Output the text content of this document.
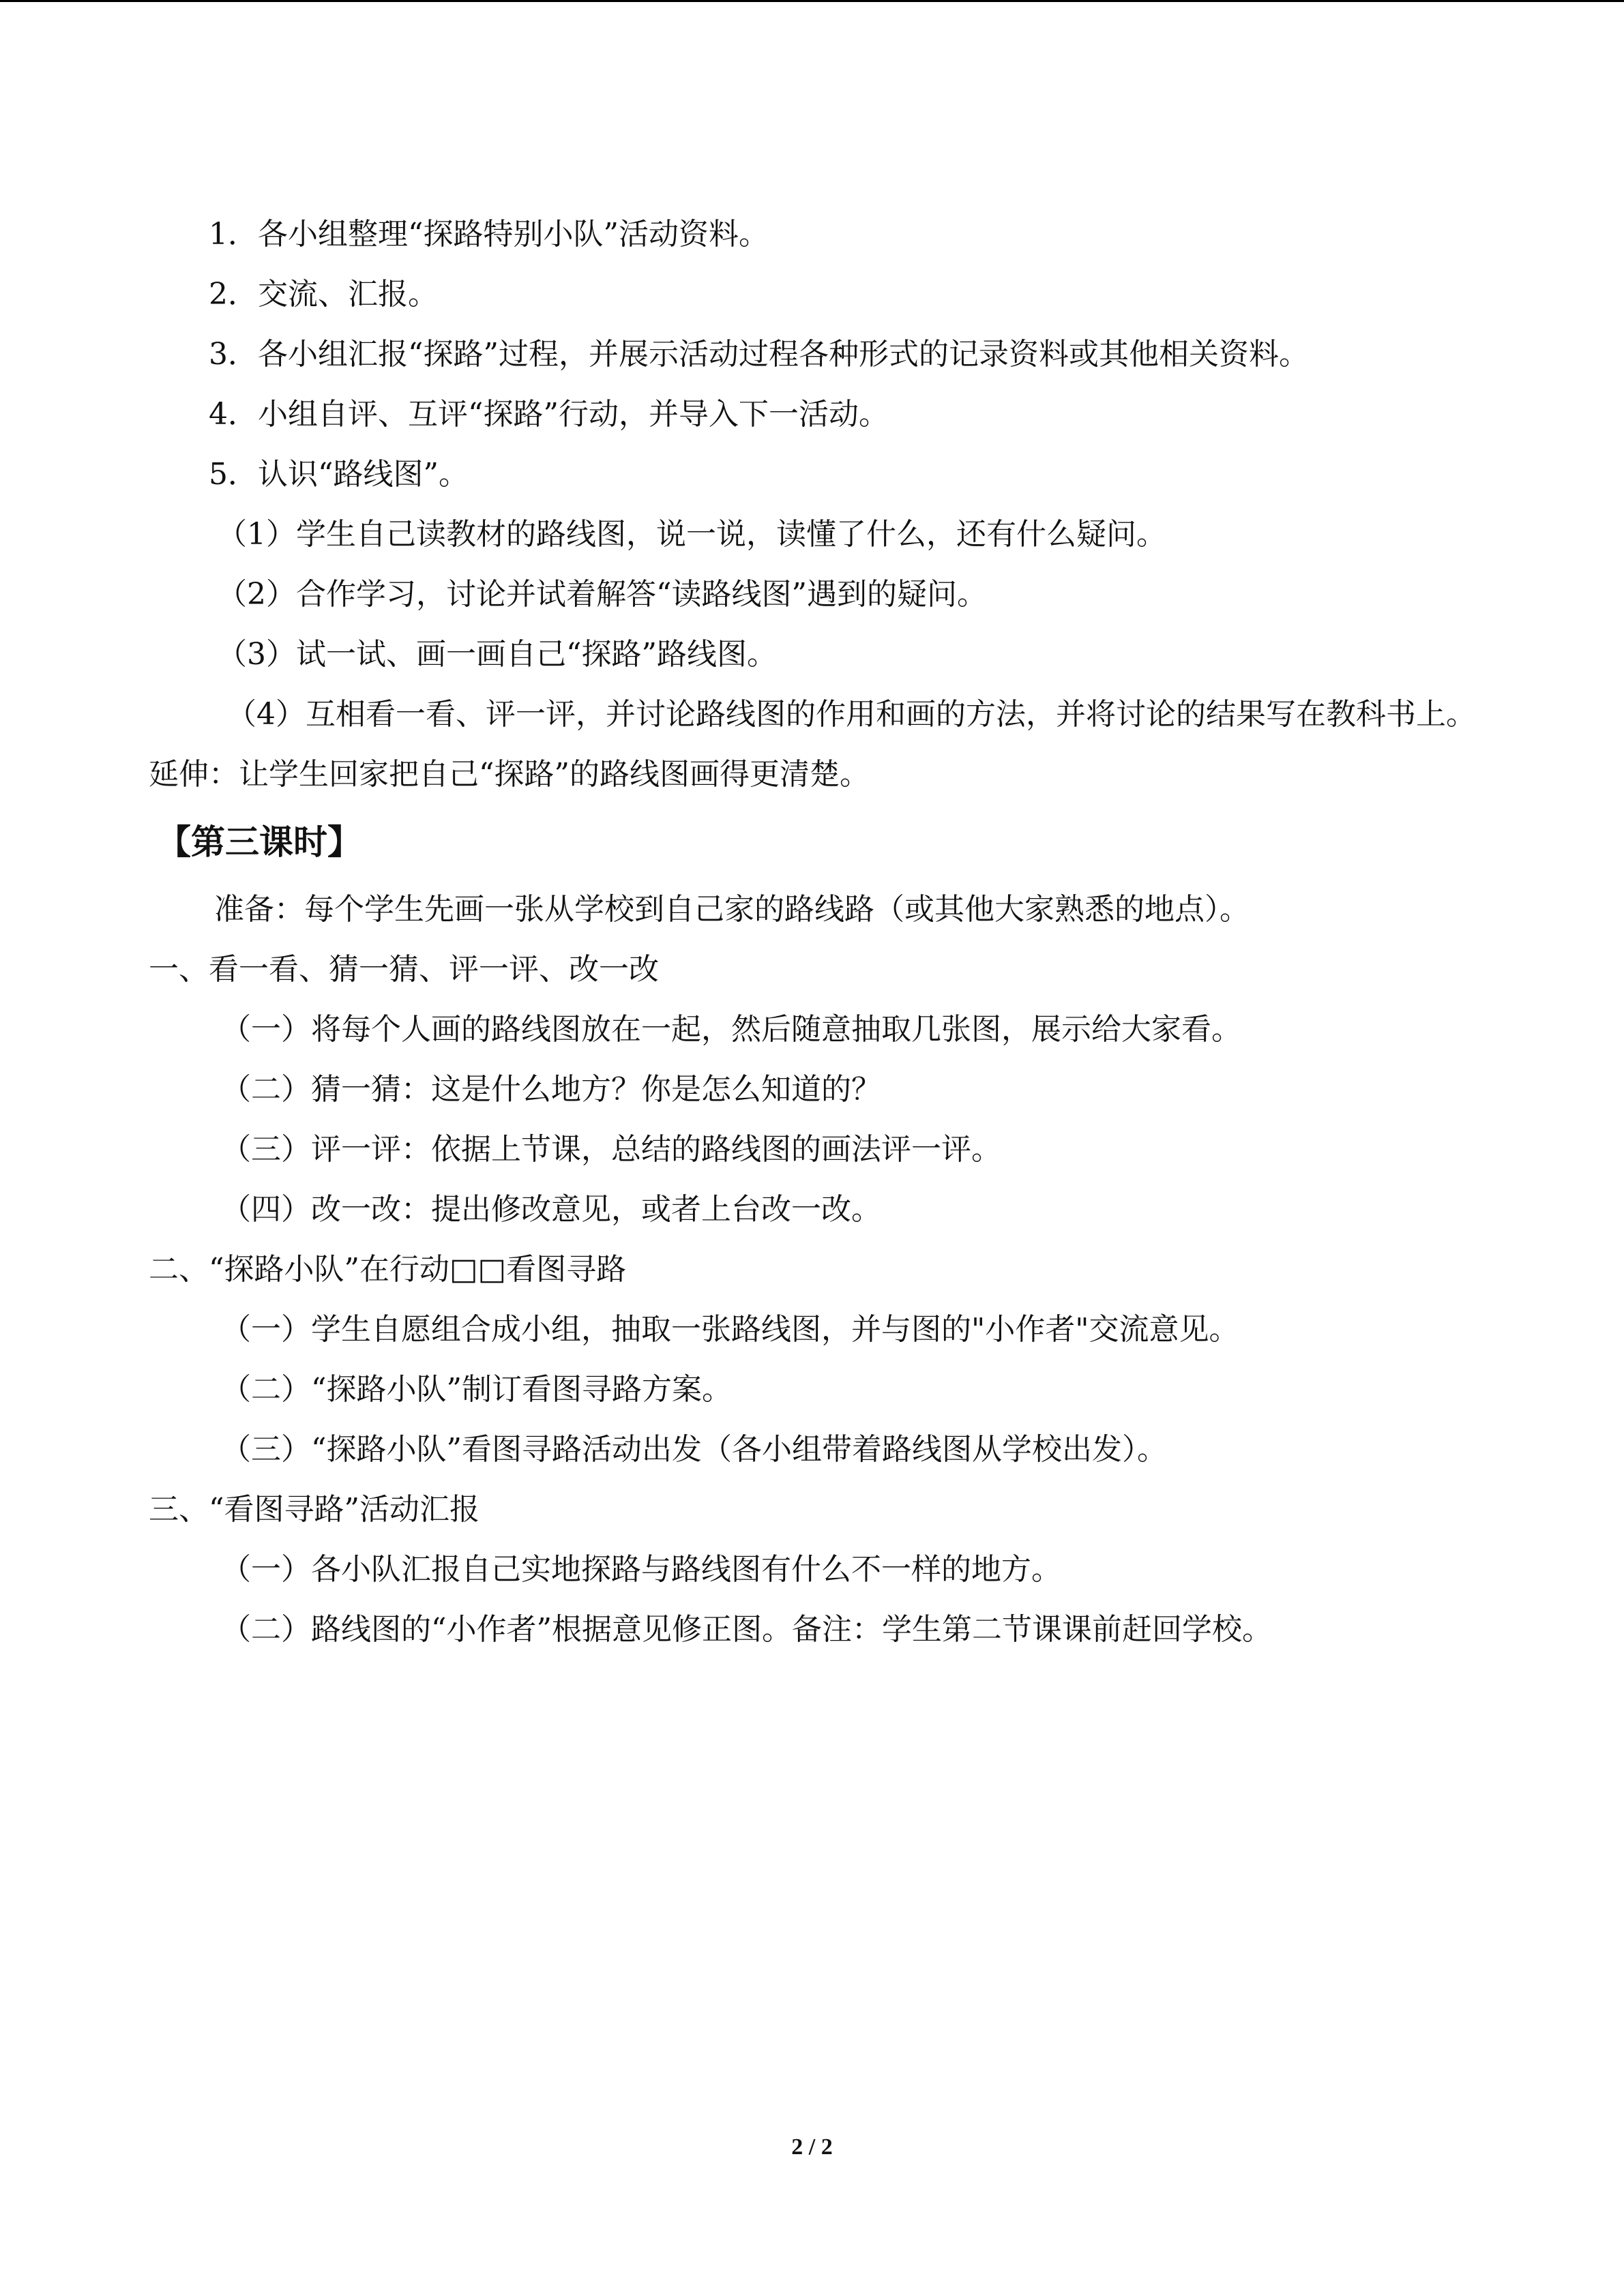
1．各小组整理“探路特别小队”活动资料。

2．交流、汇报。

3．各小组汇报“探路”过程，并展示活动过程各种形式的记录资料或其他相关资料。

4．小组自评、互评“探路”行动，并导入下一活动。

5．认识“路线图”。

（1）学生自己读教材的路线图，说一说，读懂了什么，还有什么疑问。

（2）合作学习，讨论并试着解答“读路线图”遇到的疑问。

（3）试一试、画一画自己“探路”路线图。

（4）互相看一看、评一评，并讨论路线图的作用和画的方法，并将讨论的结果写在教科书上。延伸：让学生回家把自己“探路”的路线图画得更清楚。

【第三课时】

准备：每个学生先画一张从学校到自己家的路线路（或其他大家熟悉的地点）。

一、看一看、猜一猜、评一评、改一改

（一）将每个人画的路线图放在一起，然后随意抽取几张图，展示给大家看。

（二）猜一猜：这是什么地方？你是怎么知道的？

（三）评一评：依据上节课，总结的路线图的画法评一评。

（四）改一改：提出修改意见，或者上台改一改。

二、“探路小队”在行动□□看图寻路

（一）学生自愿组合成小组，抽取一张路线图，并与图的"小作者"交流意见。

（二）“探路小队”制订看图寻路方案。

（三）“探路小队”看图寻路活动出发（各小组带着路线图从学校出发）。

三、“看图寻路”活动汇报

（一）各小队汇报自己实地探路与路线图有什么不一样的地方。

（二）路线图的“小作者”根据意见修正图。备注：学生第二节课课前赶回学校。

2 / 2
